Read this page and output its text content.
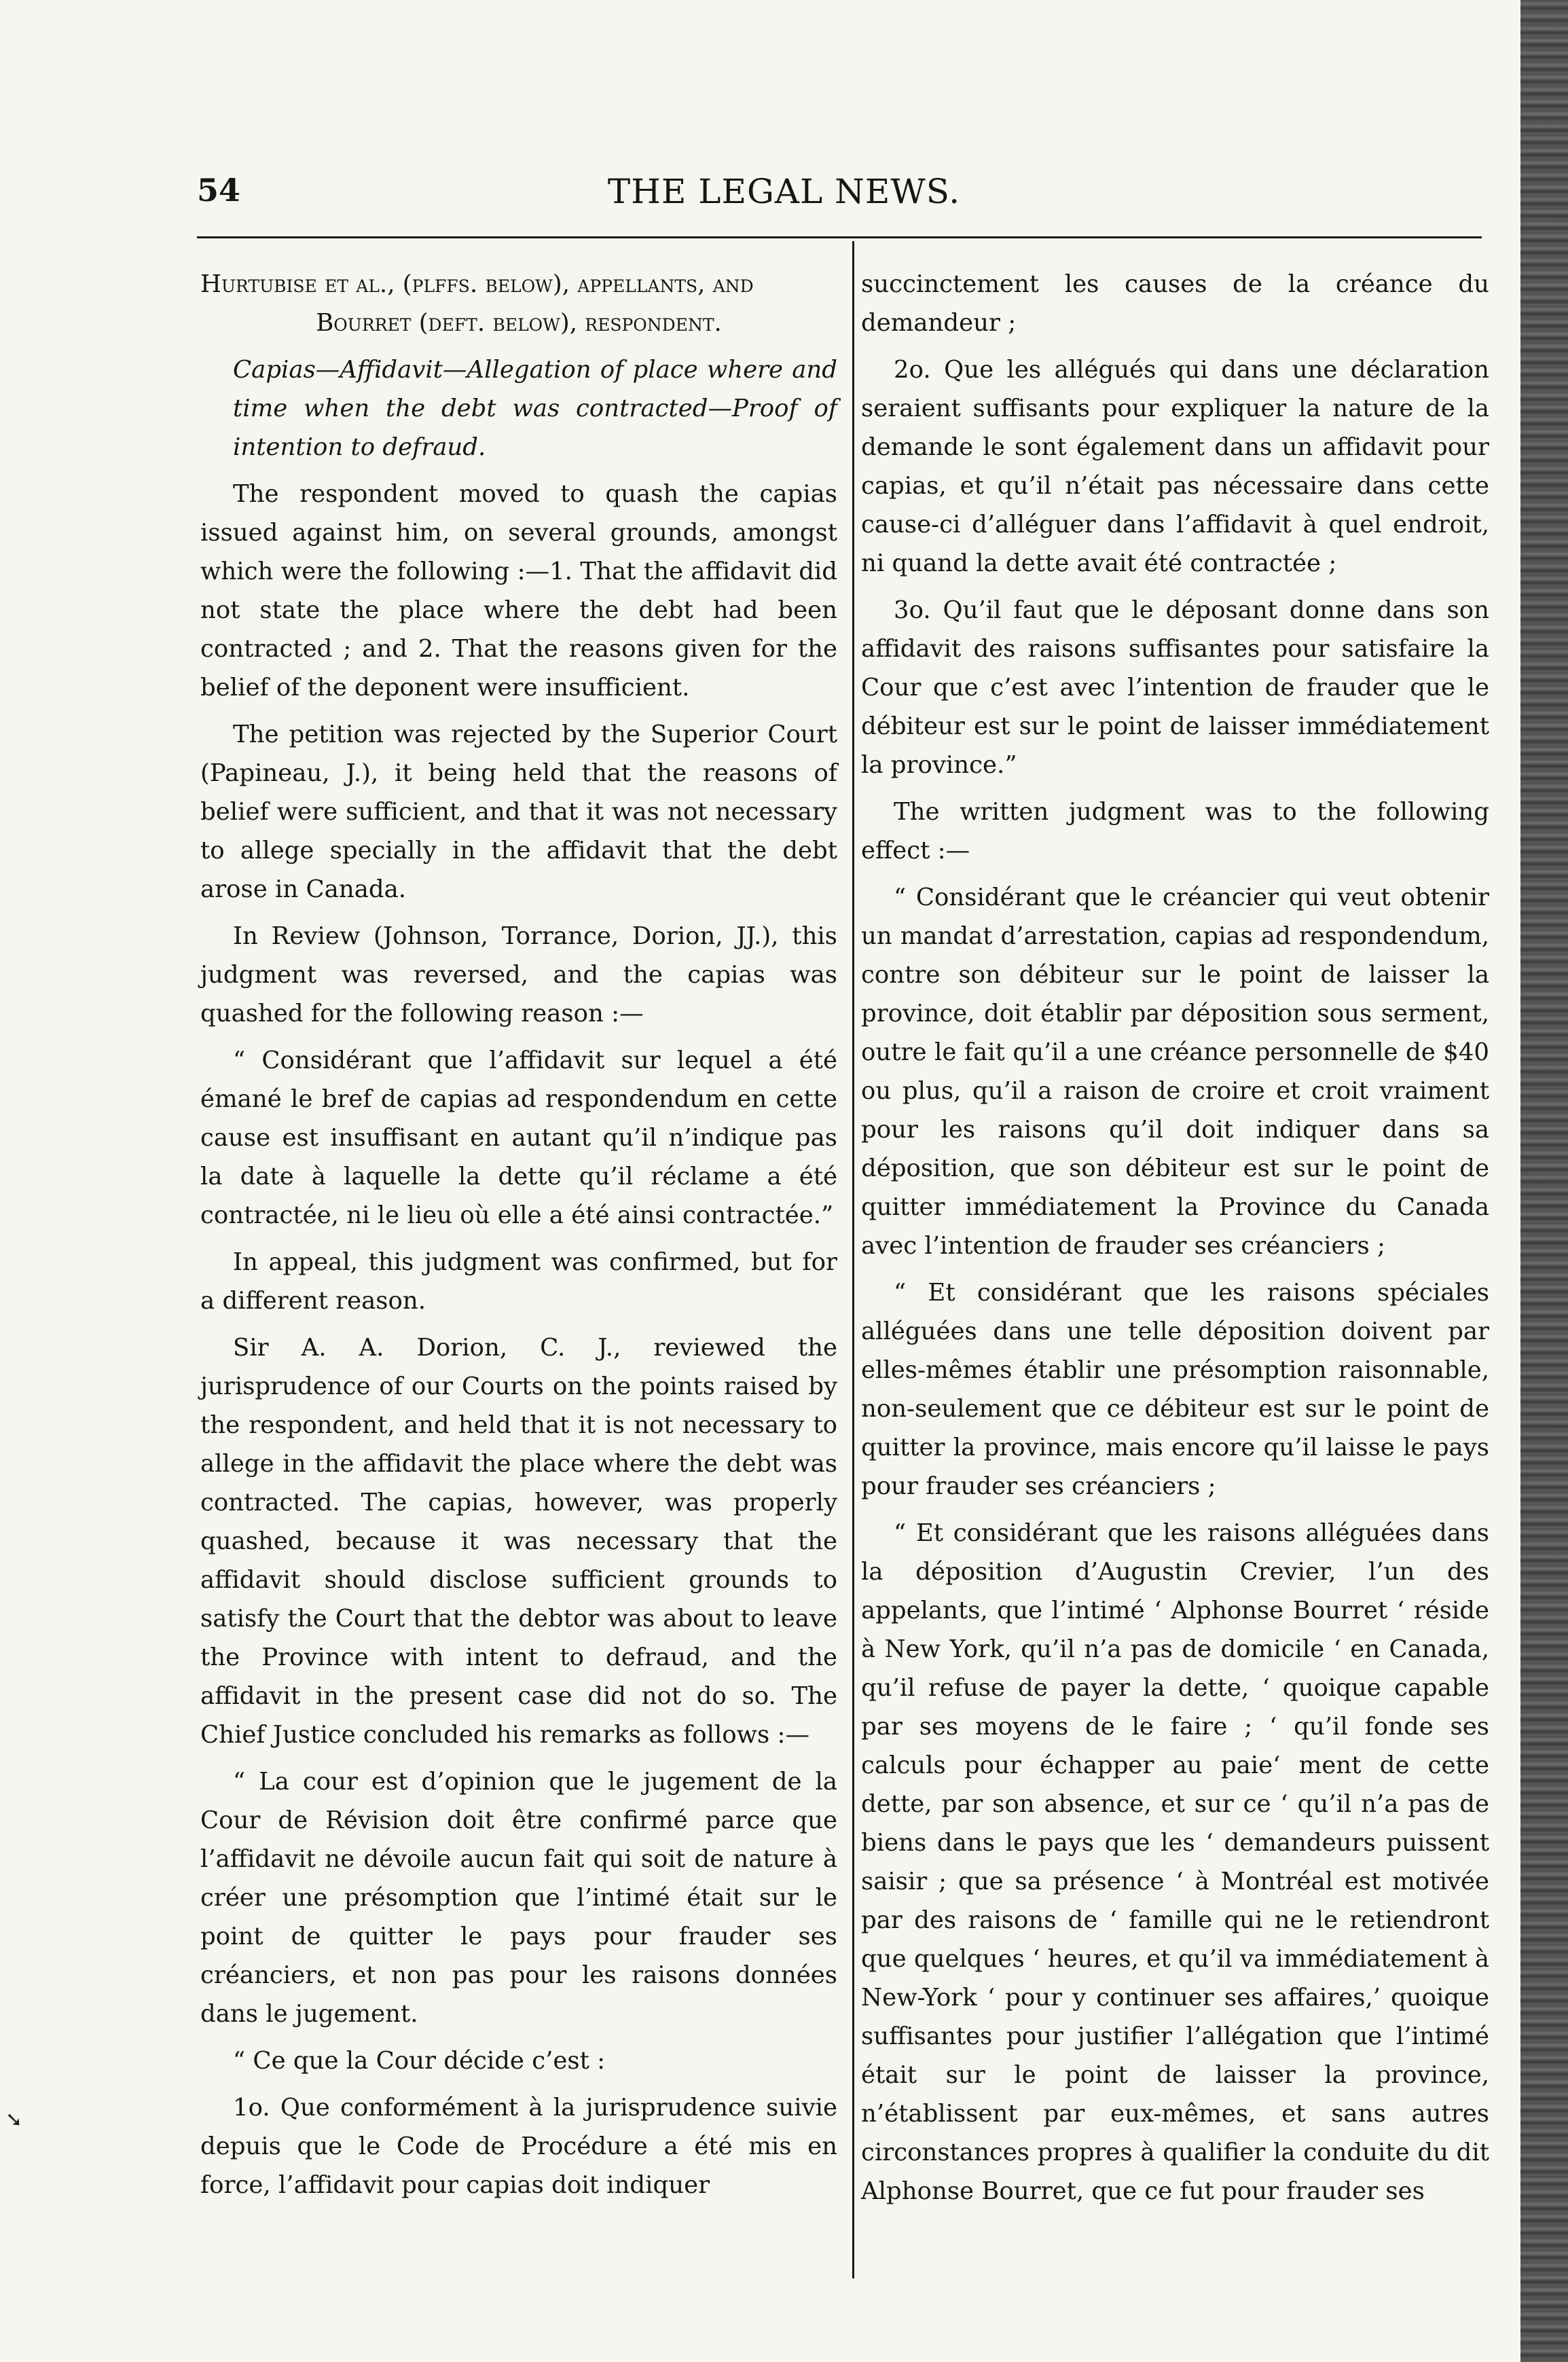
54	THE LEGAL NEWS.

Hurtubise et al., (plffs. below), appellants, and

Bourret (deft. below), respondent.

Capias—Affidavit—Allegation of place where and time when the debt was contracted—Proof of intention to defraud.

The respondent moved to quash the capias issued against him, on several grounds, amongst which were the following :—1. That the affidavit did not state the place where the debt had been contracted ; and 2. That the reasons given for the belief of the deponent were insufficient.

The petition was rejected by the Superior Court (Papineau, J.), it being held that the reasons of belief were sufficient, and that it was not necessary to allege specially in the affidavit that the debt arose in Canada.

In Review (Johnson, Torrance, Dorion, JJ.), this judgment was reversed, and the capias was quashed for the following reason :—

“ Considérant que l’affidavit sur lequel a été émané le bref de capias ad respondendum en cette cause est insuffisant en autant qu’il n’indique pas la date à laquelle la dette qu’il réclame a été contractée, ni le lieu où elle a été ainsi contractée.”

In appeal, this judgment was confirmed, but for a different reason.

Sir A. A. Dorion, C. J., reviewed the jurisprudence of our Courts on the points raised by the respondent, and held that it is not necessary to allege in the affidavit the place where the debt was contracted. The capias, however, was properly quashed, because it was necessary that the affidavit should disclose sufficient grounds to satisfy the Court that the debtor was about to leave the Province with intent to defraud, and the affidavit in the present case did not do so. The Chief Justice concluded his remarks as follows :—

“ La cour est d’opinion que le jugement de la Cour de Révision doit être confirmé parce que l’affidavit ne dévoile aucun fait qui soit de nature à créer une présomption que l’intimé était sur le point de quitter le pays pour frauder ses créanciers, et non pas pour les raisons données dans le jugement.

“ Ce que la Cour décide c’est :

1o. Que conformément à la jurisprudence suivie depuis que le Code de Procédure a été mis en force, l’affidavit pour capias doit indiquer

succinctement les causes de la créance du demandeur ;

2o. Que les allégués qui dans une déclaration seraient suffisants pour expliquer la nature de la demande le sont également dans un affidavit pour capias, et qu’il n’était pas nécessaire dans cette cause-ci d’alléguer dans l’affidavit à quel endroit, ni quand la dette avait été contractée ;

3o. Qu’il faut que le déposant donne dans son affidavit des raisons suffisantes pour satisfaire la Cour que c’est avec l’intention de frauder que le débiteur est sur le point de laisser immédiatement la province.”

The written judgment was to the following effect :—

“ Considérant que le créancier qui veut obtenir un mandat d’arrestation, capias ad respondendum, contre son débiteur sur le point de laisser la province, doit établir par déposition sous serment, outre le fait qu’il a une créance personnelle de $40 ou plus, qu’il a raison de croire et croit vraiment pour les raisons qu’il doit indiquer dans sa déposition, que son débiteur est sur le point de quitter immédiatement la Province du Canada avec l’intention de frauder ses créanciers ;

“ Et considérant que les raisons spéciales alléguées dans une telle déposition doivent par elles-mêmes établir une présomption raisonnable, non-seulement que ce débiteur est sur le point de quitter la province, mais encore qu’il laisse le pays pour frauder ses créanciers ;

“ Et considérant que les raisons alléguées dans la déposition d’Augustin Crevier, l’un des appelants, que l’intimé ‘ Alphonse Bourret ‘ réside à New York, qu’il n’a pas de domicile ‘ en Canada, qu’il refuse de payer la dette, ‘ quoique capable par ses moyens de le faire ; ‘ qu’il fonde ses calculs pour échapper au paie‘ ment de cette dette, par son absence, et sur ce ‘ qu’il n’a pas de biens dans le pays que les ‘ demandeurs puissent saisir ; que sa présence ‘ à Montréal est motivée par des raisons de ‘ famille qui ne le retiendront que quelques ‘ heures, et qu’il va immédiatement à New-York ‘ pour y continuer ses affaires,’ quoique suffisantes pour justifier l’allégation que l’intimé était sur le point de laisser la province, n’établissent par eux-mêmes, et sans autres circonstances propres à qualifier la conduite du dit Alphonse Bourret, que ce fut pour frauder ses

➘
